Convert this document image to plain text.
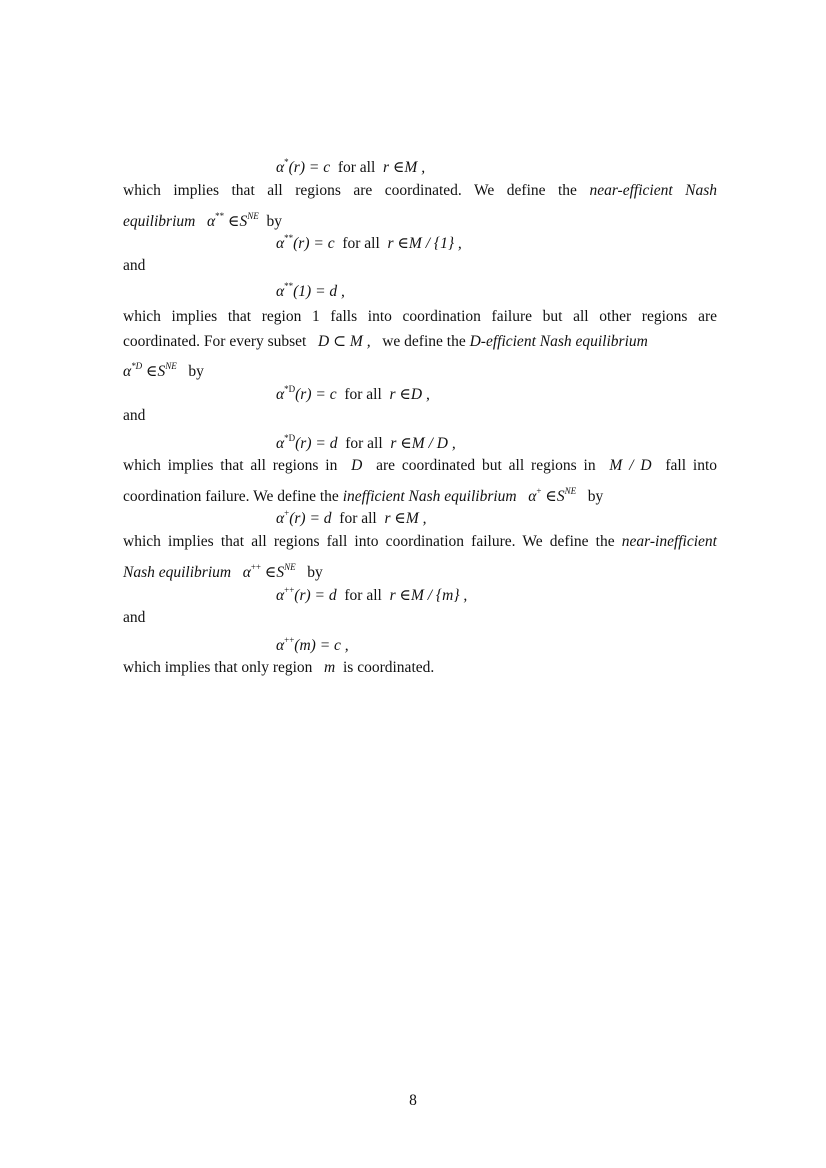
α*(r) = c for all r ∈M ,
which implies that all regions are coordinated. We define the near-efficient Nash
equilibrium α** $\in S^{NE}$ by
α**(r) = c for all r ∈M / {1} ,
and
α**(1) = d ,
which implies that region 1 falls into coordination failure but all other regions are
coordinated. For every subset D ⊂ M , we define the D-efficient Nash equilibrium
$\alpha^{*D}$ $\in S^{NE}$ by
$\alpha^{*D}(r) = c$ for all r ∈D ,
and
$\alpha^{*D}(r) = d$ for all r ∈M / D ,
which implies that all regions in D are coordinated but all regions in M / D fall into
coordination failure. We define the inefficient Nash equilibrium α+ $\in S^{NE}$ by
α+(r) = d for all r ∈M ,
which implies that all regions fall into coordination failure. We define the near-inefficient
Nash equilibrium α++ $\in S^{NE}$ by
α++(r) = d for all r ∈M / {m} ,
and
α++(m) = c ,
which implies that only region m is coordinated.
8
